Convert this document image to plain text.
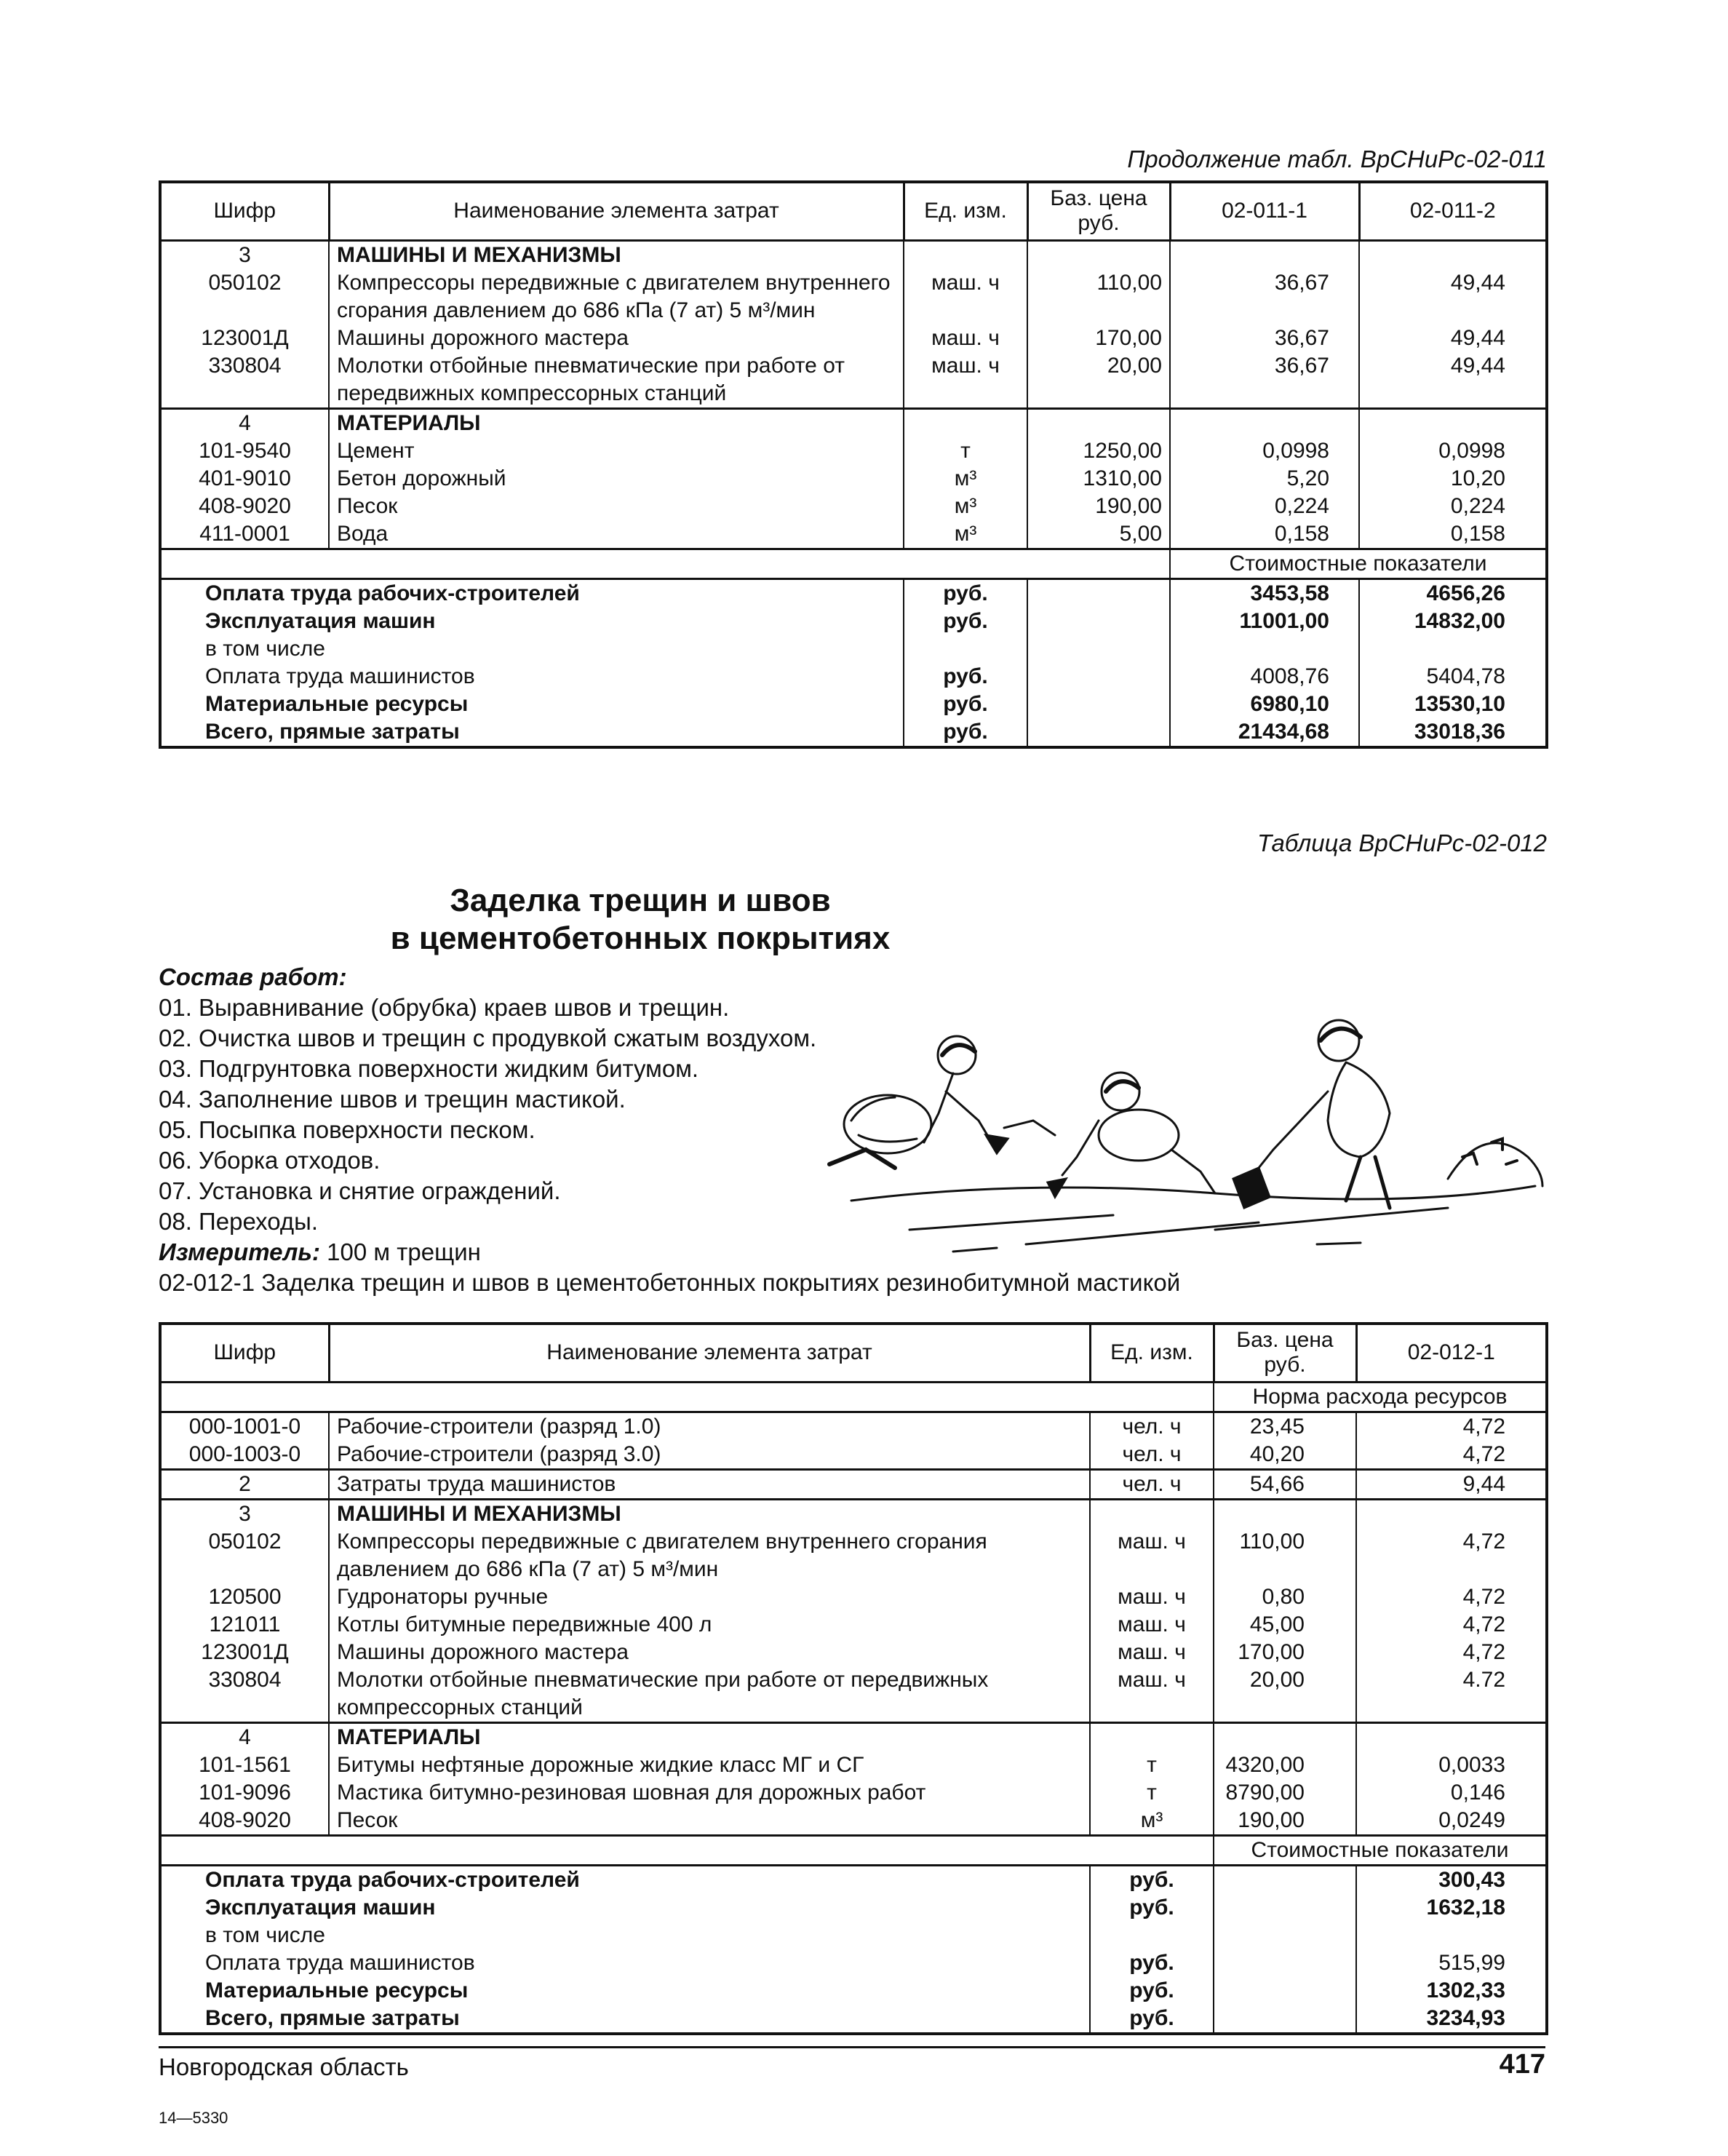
Продолжение табл. ВрСНиРс-02-011
Шифр	Наименование элемента затрат	Ед. изм.	Баз. цена руб.	02-011-1	02-011-2
3	МАШИНЫ И МЕХАНИЗМЫ				
050102	Компрессоры передвижные с двигателем внутреннего сгорания давлением до 686 кПа (7 ат) 5 м³/мин	маш. ч	110,00	36,67	49,44
123001Д	Машины дорожного мастера	маш. ч	170,00	36,67	49,44
330804	Молотки отбойные пневматические при работе от передвижных компрессорных станций	маш. ч	20,00	36,67	49,44
4	МАТЕРИАЛЫ				
101-9540	Цемент	т	1250,00	0,0998	0,0998
401-9010	Бетон дорожный	м³	1310,00	5,20	10,20
408-9020	Песок	м³	190,00	0,224	0,224
411-0001	Вода	м³	5,00	0,158	0,158
				Стоимостные показатели	
Оплата труда рабочих-строителей		руб.		3453,58	4656,26
Эксплуатация машин		руб.		11001,00	14832,00
в том числе					
Оплата труда машинистов		руб.		4008,76	5404,78
Материальные ресурсы		руб.		6980,10	13530,10
Всего, прямые затраты		руб.		21434,68	33018,36
Таблица ВрСНиРс-02-012
Заделка трещин и швов
в цементобетонных покрытиях
Состав работ:
01. Выравнивание (обрубка) краев швов и трещин.
02. Очистка швов и трещин с продувкой сжатым воздухом.
03. Подгрунтовка поверхности жидким битумом.
04. Заполнение швов и трещин мастикой.
05. Посыпка поверхности песком.
06. Уборка отходов.
07. Установка и снятие ограждений.
08. Переходы.
Измеритель: 100 м трещин
02-012-1 Заделка трещин и швов в цементобетонных покрытиях резинобитумной мастикой
Шифр	Наименование элемента затрат	Ед. изм.	Баз. цена руб.	02-012-1
			Норма расхода ресурсов	
000-1001-0	Рабочие-строители (разряд 1.0)	чел. ч	23,45	4,72
000-1003-0	Рабочие-строители (разряд 3.0)	чел. ч	40,20	4,72
2	Затраты труда машинистов	чел. ч	54,66	9,44
3	МАШИНЫ И МЕХАНИЗМЫ			
050102	Компрессоры передвижные с двигателем внутреннего сгорания давлением до 686 кПа (7 ат) 5 м³/мин	маш. ч	110,00	4,72
120500	Гудронаторы ручные	маш. ч	0,80	4,72
121011	Котлы битумные передвижные 400 л	маш. ч	45,00	4,72
123001Д	Машины дорожного мастера	маш. ч	170,00	4,72
330804	Молотки отбойные пневматические при работе от передвижных компрессорных станций	маш. ч	20,00	4.72
4	МАТЕРИАЛЫ			
101-1561	Битумы нефтяные дорожные жидкие класс МГ и СГ	т	4320,00	0,0033
101-9096	Мастика битумно-резиновая шовная для дорожных работ	т	8790,00	0,146
408-9020	Песок	м³	190,00	0,0249
			Стоимостные показатели	
Оплата труда рабочих-строителей		руб.		300,43
Эксплуатация машин		руб.		1632,18
в том числе				
Оплата труда машинистов		руб.		515,99
Материальные ресурсы		руб.		1302,33
Всего, прямые затраты		руб.		3234,93
Новгородская область	417
14—5330
